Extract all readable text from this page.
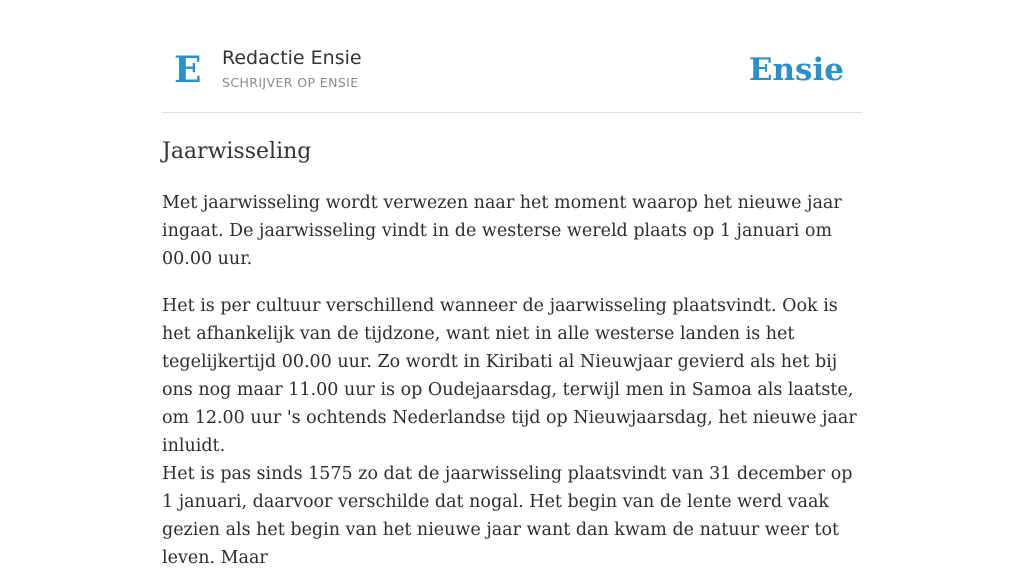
E Redactie Ensie
SCHRIJVER OP ENSIE	Ensie
Jaarwisseling

Met jaarwisseling wordt verwezen naar het moment waarop het nieuwe jaar ingaat. De jaarwisseling vindt in de westerse wereld plaats op 1 januari om 00.00 uur.

Het is per cultuur verschillend wanneer de jaarwisseling plaatsvindt. Ook is het afhankelijk van de tijdzone, want niet in alle westerse landen is het tegelijkertijd 00.00 uur. Zo wordt in Kiribati al Nieuwjaar gevierd als het bij ons nog maar 11.00 uur is op Oudejaarsdag, terwijl men in Samoa als laatste, om 12.00 uur 's ochtends Nederlandse tijd op Nieuwjaarsdag, het nieuwe jaar inluidt.

Het is pas sinds 1575 zo dat de jaarwisseling plaatsvindt van 31 december op 1 januari, daarvoor verschilde dat nogal. Het begin van de lente werd vaak gezien als het begin van het nieuwe jaar want dan kwam de natuur weer tot leven. Maar
